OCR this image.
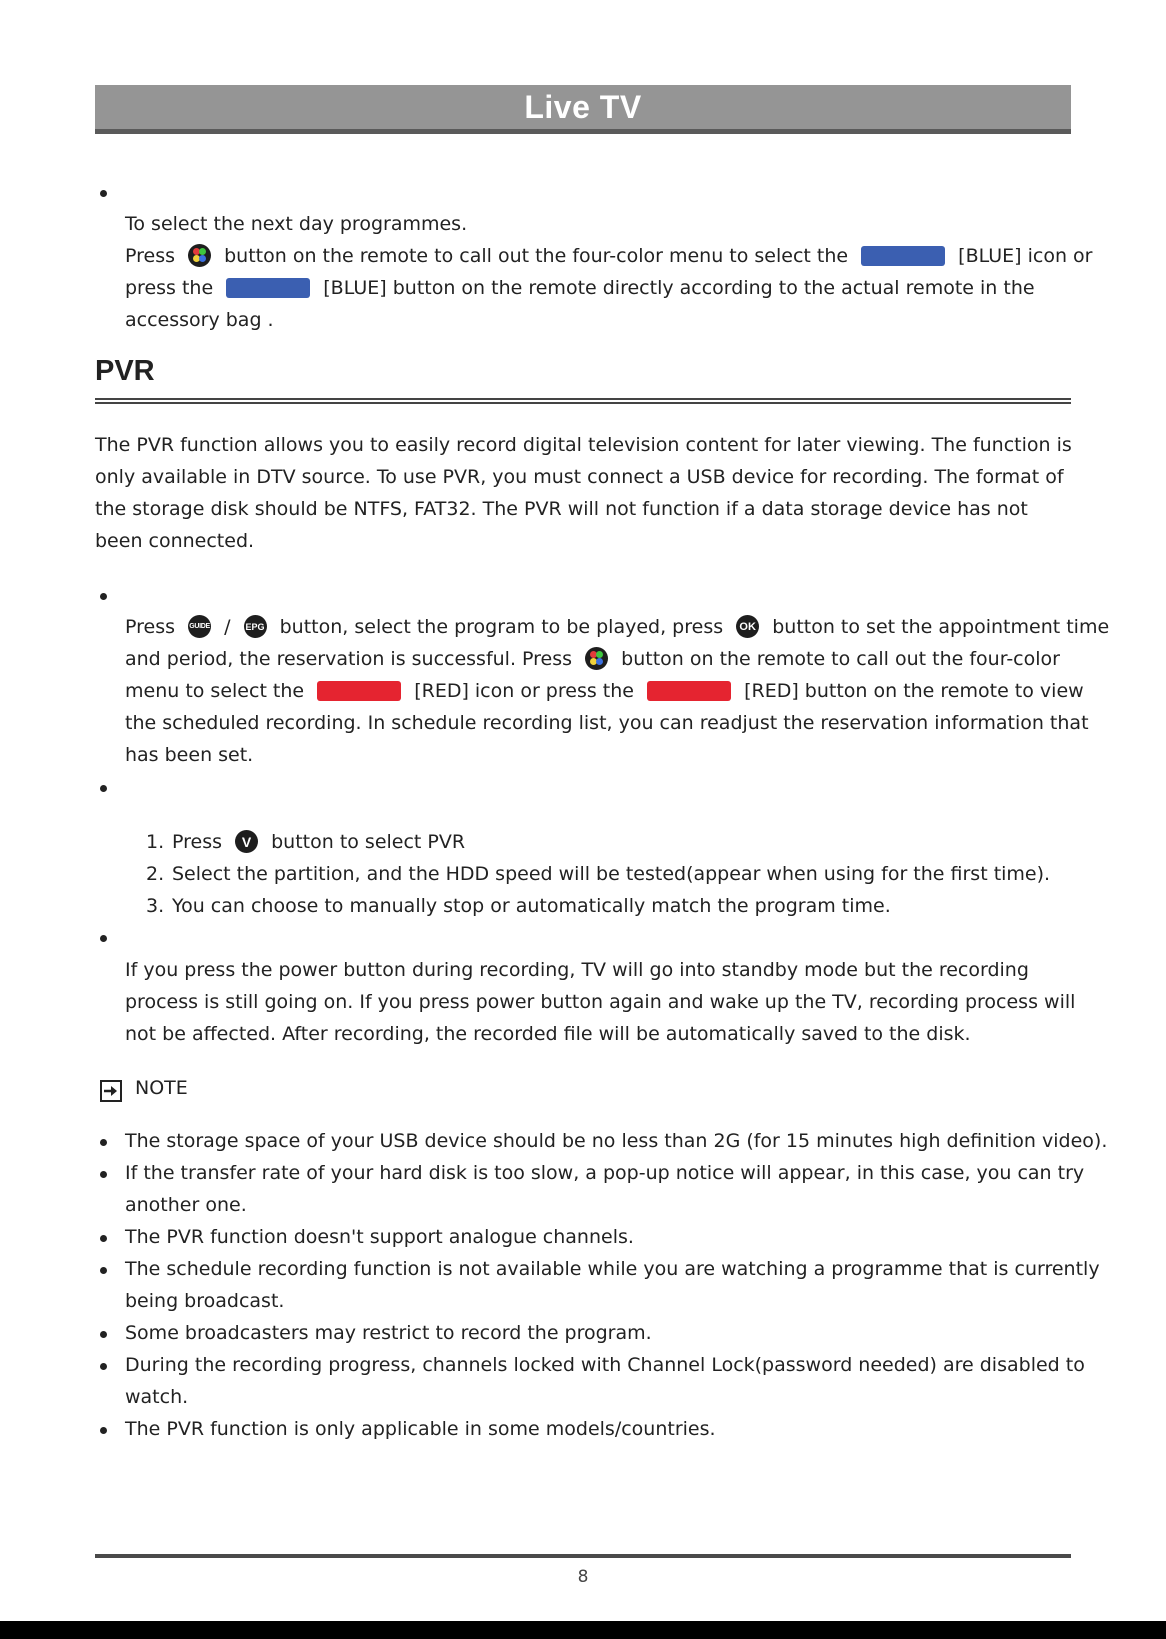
Live TV
To select the next day programmes.
Press	button on the remote to call out the four-color menu to select the	[BLUE] icon or
press the	[BLUE] button on the remote directly according to the actual remote in the
accessory bag .
PVR
The PVR function allows you to easily record digital television content for later viewing. The function is only available in DTV source. To use PVR, you must connect a USB device for recording. The format of the storage disk should be NTFS, FAT32. The PVR will not function if a data storage device has not been connected.
Press GUIDE / EPG button, select the program to be played, press OK button to set the appointment time
and period, the reservation is successful. Press	button on the remote to call out the four-color
menu to select the	[RED] icon or press the	[RED] button on the remote to view
the scheduled recording. In schedule recording list, you can readjust the reservation information that
has been set.
1. Press	V	button to select PVR
2. Select the partition, and the HDD speed will be tested(appear when using for the first time).
3. You can choose to manually stop or automatically match the program time.
If you press the power button during recording, TV will go into standby mode but the recording
process is still going on. If you press power button again and wake up the TV, recording process will
not be affected. After recording, the recorded file will be automatically saved to the disk.
NOTE
The storage space of your USB device should be no less than 2G (for 15 minutes high definition video).
If the transfer rate of your hard disk is too slow, a pop-up notice will appear, in this case, you can try
another one.
The PVR function doesn't support analogue channels.
The schedule recording function is not available while you are watching a programme that is currently
being broadcast.
Some broadcasters may restrict to record the program.
During the recording progress, channels locked with Channel Lock(password needed) are disabled to
watch.
The PVR function is only applicable in some models/countries.
8
